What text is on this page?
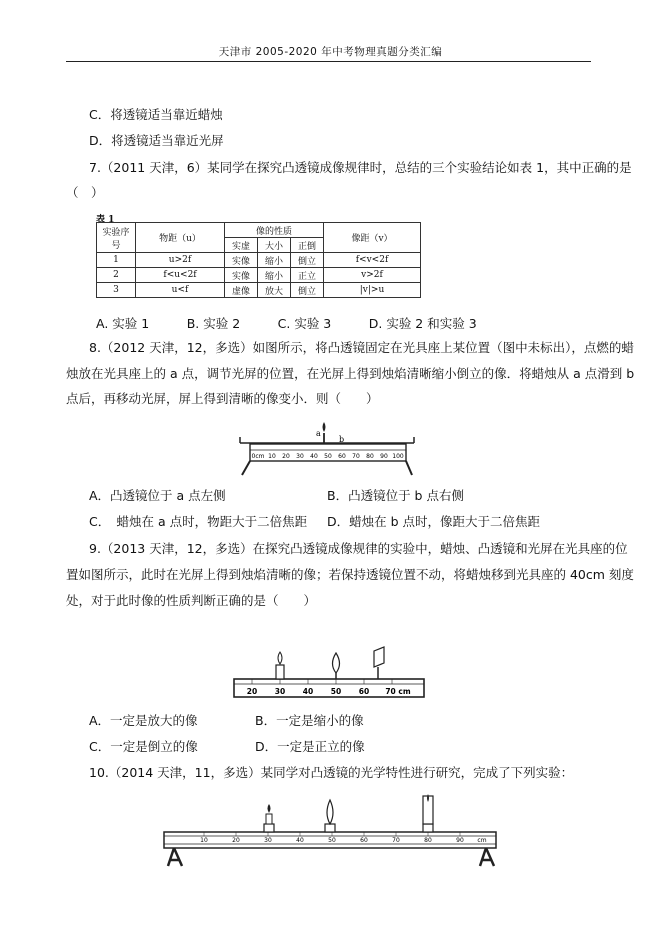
天津市 2005-2020 年中考物理真题分类汇编
C．将透镜适当靠近蜡烛
D．将透镜适当靠近光屏
7.（2011 天津，6）某同学在探究凸透镜成像规律时，总结的三个实验结论如表 1，其中正确的是
（　）
表 1
实验序号	物距（u）	像的性质			像距（v）
		实虚	大小	正倒	
1	u>2f	实像	缩小	倒立	f<v<2f
2	f<u<2f	实像	缩小	正立	v>2f
3	u<f	虚像	放大	倒立	|v|>u
A. 实验 1　　　B. 实验 2　　　C. 实验 3　　　D. 实验 2 和实验 3
8.（2012 天津，12，多选）如图所示，将凸透镜固定在光具座上某位置（图中未标出），点燃的蜡
烛放在光具座上的 a 点，调节光屏的位置，在光屏上得到烛焰清晰缩小倒立的像．将蜡烛从 a 点滑到 b
点后，再移动光屏，屏上得到清晰的像变小．则（　　）
a
b
0cm 10 20 30 40 50 60 70 80 90 100
A．凸透镜位于 a 点左侧	B．凸透镜位于 b 点右侧
C．　蜡烛在 a 点时，物距大于二倍焦距 D．蜡烛在 b 点时，像距大于二倍焦距
9.（2013 天津，12，多选）在探究凸透镜成像规律的实验中，蜡烛、凸透镜和光屏在光具座的位
置如图所示，此时在光屏上得到烛焰清晰的像；若保持透镜位置不动，将蜡烛移到光具座的 40cm 刻度
处，对于此时像的性质判断正确的是（　　）
20 30 40 50 60 70 cm
A．一定是放大的像	B．一定是缩小的像
C．一定是倒立的像	D．一定是正立的像
10.（2014 天津，11，多选）某同学对凸透镜的光学特性进行研究，完成了下列实验：
10	20	30	40	50	60	70	80	90 cm
